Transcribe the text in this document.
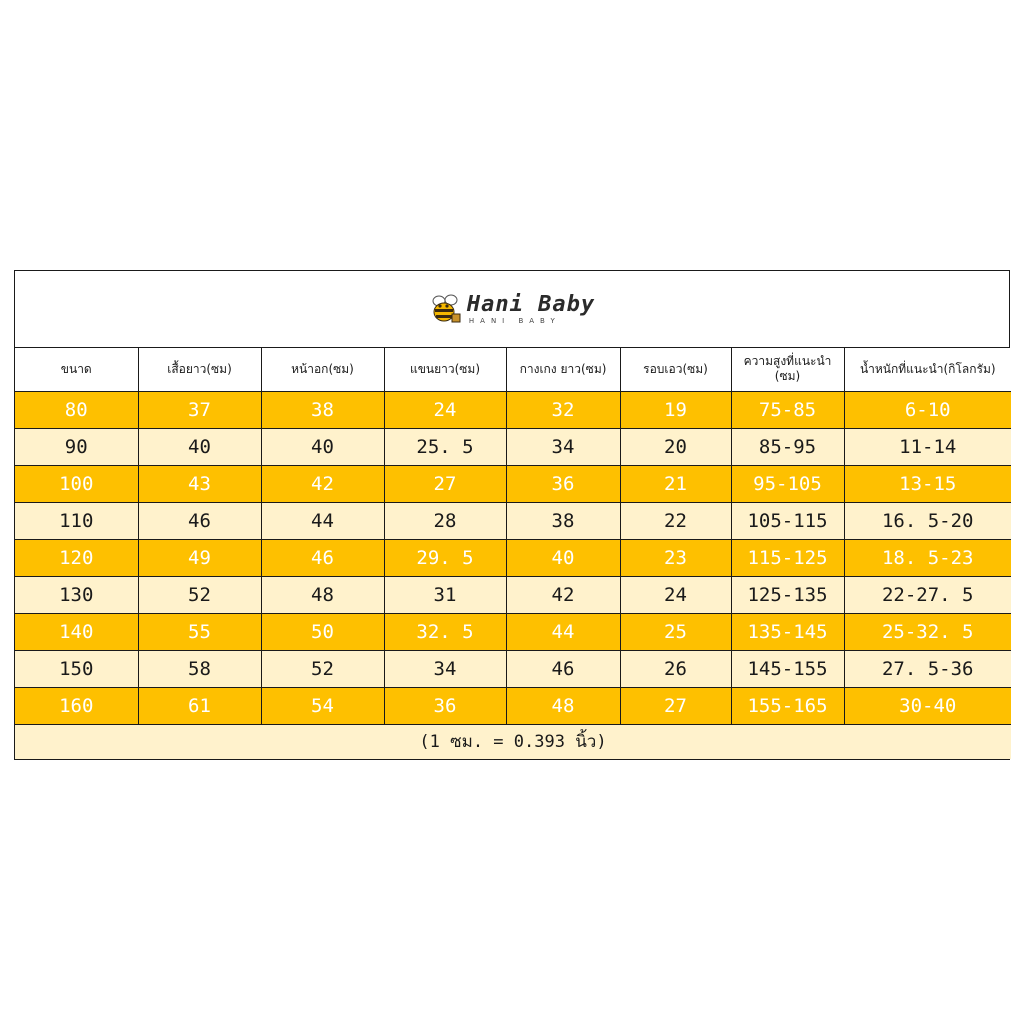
Hani Baby
HANI BABY
ขนาด	เสื้อยาว(ซม)	หน้าอก(ซม)	แขนยาว(ซม)	กางเกง ยาว(ซม)	รอบเอว(ซม)	ความสูงที่แนะนำ (ซม)	น้ำหนักที่แนะนำ(กิโลกรัม)
80	37	38	24	32	19	75-85	6-10
90	40	40	25. 5	34	20	85-95	11-14
100	43	42	27	36	21	95-105	13-15
110	46	44	28	38	22	105-115	16. 5-20
120	49	46	29. 5	40	23	115-125	18. 5-23
130	52	48	31	42	24	125-135	22-27. 5
140	55	50	32. 5	44	25	135-145	25-32. 5
150	58	52	34	46	26	145-155	27. 5-36
160	61	54	36	48	27	155-165	30-40
(1 ซม. = 0.393 นิ้ว)							
